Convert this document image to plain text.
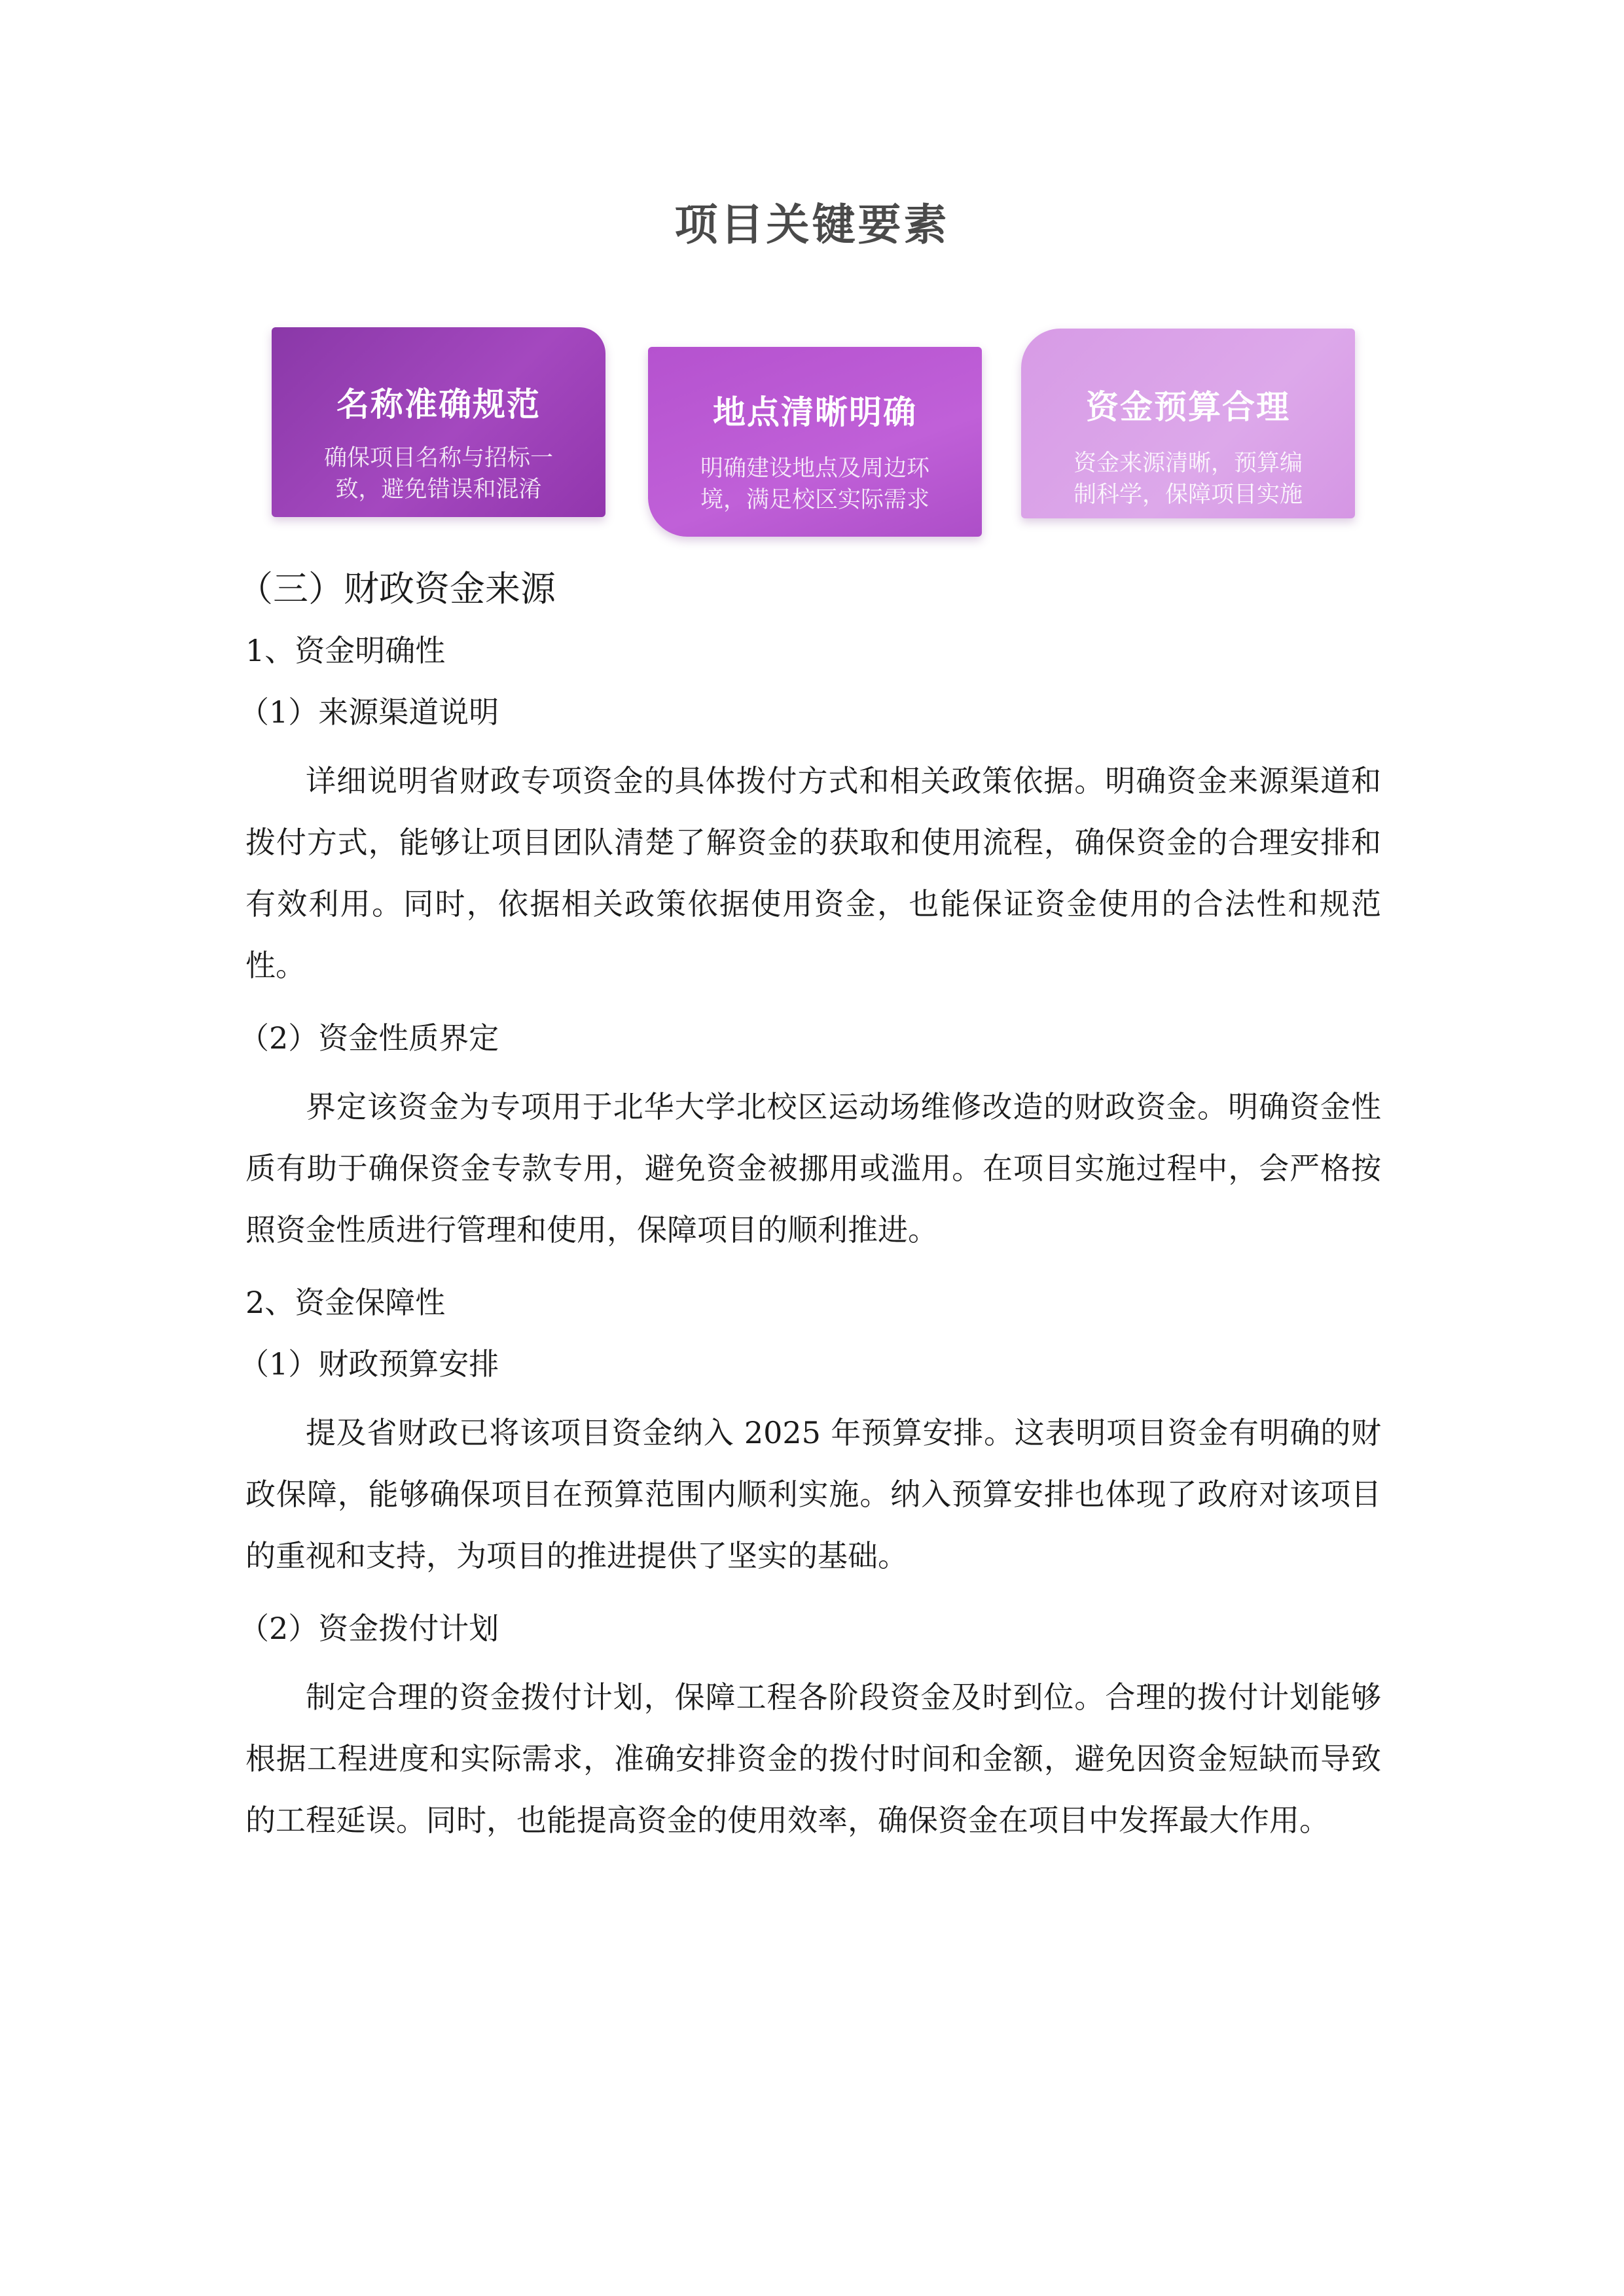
项目关键要素
名称准确规范
确保项目名称与招标一
致，避免错误和混淆
地点清晰明确
明确建设地点及周边环
境，满足校区实际需求
资金预算合理
资金来源清晰，预算编
制科学，保障项目实施
（三）财政资金来源
1、资金明确性
（1）来源渠道说明

详细说明省财政专项资金的具体拨付方式和相关政策依据。明确资金来源渠道和拨付方式，能够让项目团队清楚了解资金的获取和使用流程，确保资金的合理安排和有效利用。同时，依据相关政策依据使用资金，也能保证资金使用的合法性和规范性。

（2）资金性质界定

界定该资金为专项用于北华大学北校区运动场维修改造的财政资金。明确资金性质有助于确保资金专款专用，避免资金被挪用或滥用。在项目实施过程中，会严格按照资金性质进行管理和使用，保障项目的顺利推进。

2、资金保障性
（1）财政预算安排

提及省财政已将该项目资金纳入 2025 年预算安排。这表明项目资金有明确的财政保障，能够确保项目在预算范围内顺利实施。纳入预算安排也体现了政府对该项目的重视和支持，为项目的推进提供了坚实的基础。

（2）资金拨付计划

制定合理的资金拨付计划，保障工程各阶段资金及时到位。合理的拨付计划能够根据工程进度和实际需求，准确安排资金的拨付时间和金额，避免因资金短缺而导致的工程延误。同时，也能提高资金的使用效率，确保资金在项目中发挥最大作用。
